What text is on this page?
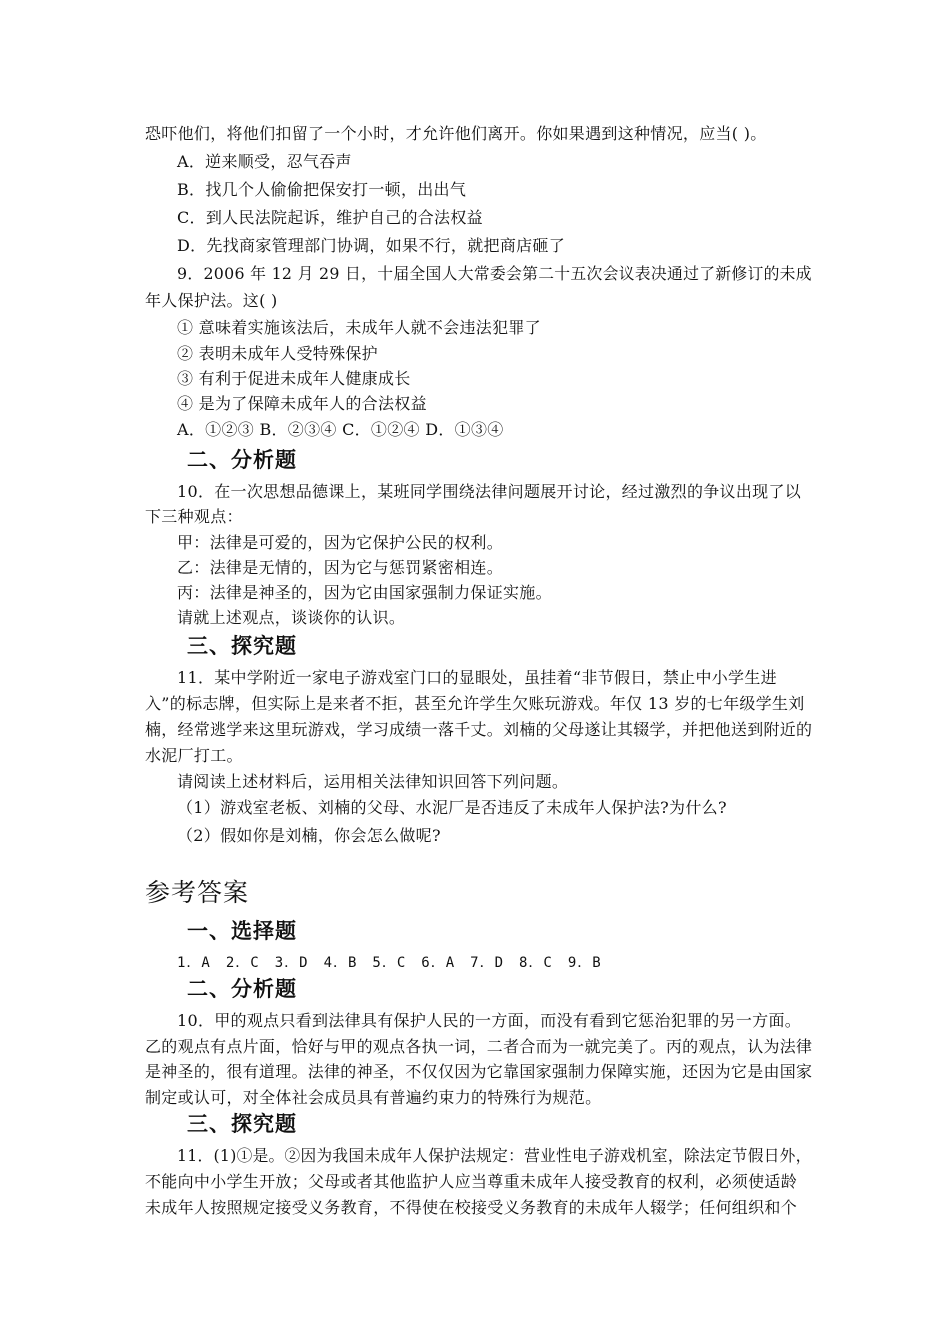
恐吓他们，将他们扣留了一个小时，才允许他们离开。你如果遇到这种情况，应当( )。
A．逆来顺受，忍气吞声
B．找几个人偷偷把保安打一顿，出出气
C．到人民法院起诉，维护自己的合法权益
D．先找商家管理部门协调，如果不行，就把商店砸了
9．2006 年 12 月 29 日，十届全国人大常委会第二十五次会议表决通过了新修订的未成
年人保护法。这( )
① 意味着实施该法后，未成年人就不会违法犯罪了
② 表明未成年人受特殊保护
③ 有利于促进未成年人健康成长
④ 是为了保障未成年人的合法权益
A．①②③ B．②③④ C．①②④ D．①③④
二、分析题
10．在一次思想品德课上，某班同学围绕法律问题展开讨论，经过激烈的争议出现了以
下三种观点：
甲：法律是可爱的，因为它保护公民的权利。
乙：法律是无情的，因为它与惩罚紧密相连。
丙：法律是神圣的，因为它由国家强制力保证实施。
请就上述观点，谈谈你的认识。
三、探究题
11．某中学附近一家电子游戏室门口的显眼处，虽挂着“非节假日，禁止中小学生进
入”的标志牌，但实际上是来者不拒，甚至允许学生欠账玩游戏。年仅 13 岁的七年级学生刘
楠，经常逃学来这里玩游戏，学习成绩一落千丈。刘楠的父母遂让其辍学，并把他送到附近的
水泥厂打工。
请阅读上述材料后，运用相关法律知识回答下列问题。
（1）游戏室老板、刘楠的父母、水泥厂是否违反了未成年人保护法?为什么?
（2）假如你是刘楠，你会怎么做呢?
参考答案
一、选择题
1．A　2．C　3．D　4．B　5．C　6．A　7．D　8．C　9．B
二、分析题
10．甲的观点只看到法律具有保护人民的一方面，而没有看到它惩治犯罪的另一方面。
乙的观点有点片面，恰好与甲的观点各执一词，二者合而为一就完美了。丙的观点，认为法律
是神圣的，很有道理。法律的神圣，不仅仅因为它靠国家强制力保障实施，还因为它是由国家
制定或认可，对全体社会成员具有普遍约束力的特殊行为规范。
三、探究题
11．(1)①是。②因为我国未成年人保护法规定：营业性电子游戏机室，除法定节假日外，
不能向中小学生开放；父母或者其他监护人应当尊重未成年人接受教育的权利，必须使适龄
未成年人按照规定接受义务教育，不得使在校接受义务教育的未成年人辍学；任何组织和个
